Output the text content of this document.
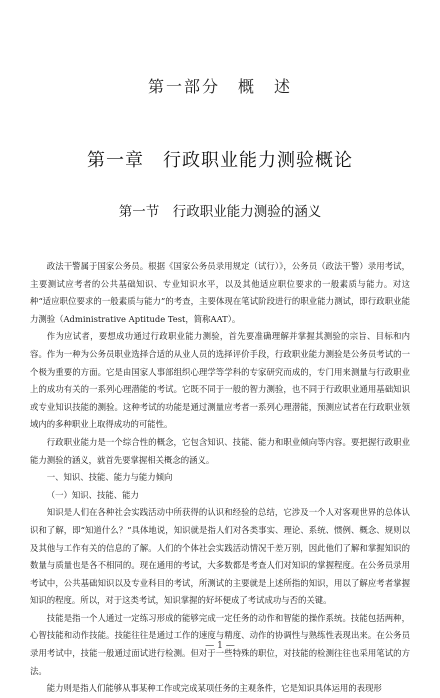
第一部分　概　述
第一章　行政职业能力测验概论
第一节　行政职业能力测验的涵义

政法干警属于国家公务员。根据《国家公务员录用规定（试行）》，公务员（政法干警）录用考试，主要测试应考者的公共基础知识、专业知识水平，以及其他适应职位要求的一般素质与能力。对这种“适应职位要求的一般素质与能力”的考查，主要体现在笔试阶段进行的职业能力测试，即行政职业能力测验（Administrative Aptitude Test，简称AAT）。

作为应试者，要想成功通过行政职业能力测验，首先要准确理解并掌握其测验的宗旨、目标和内容。作为一种为公务员职业选择合适的从业人员的选择评价手段，行政职业能力测验是公务员考试的一个极为重要的方面。它是由国家人事部组织心理学等学科的专家研究而成的，专门用来测量与行政职业上的成功有关的一系列心理潜能的考试。它既不同于一般的智力测验，也不同于行政职业通用基础知识或专业知识技能的测验。这种考试的功能是通过测量应考者一系列心理潜能，预测应试者在行政职业领域内的多种职业上取得成功的可能性。

行政职业能力是一个综合性的概念，它包含知识、技能、能力和职业倾向等内容。要把握行政职业能力测验的涵义，就首先要掌握相关概念的涵义。

一、知识、技能、能力与能力倾向

（一）知识、技能、能力

知识是人们在各种社会实践活动中所获得的认识和经验的总结，它涉及一个人对客观世界的总体认识和了解，即“知道什么？”具体地说，知识就是指人们对各类事实、理论、系统、惯例、概念、规则以及其他与工作有关的信息的了解。人们的个体社会实践活动情况千差万别，因此他们了解和掌握知识的数量与质量也是各不相同的。现在通用的考试，大多数都是考查人们对知识的掌握程度。在公务员录用考试中，公共基础知识以及专业科目的考试，所测试的主要就是上述所指的知识，用以了解应考者掌握知识的程度。所以，对于这类考试，知识掌握的好坏便成了考试成功与否的关键。

技能是指一个人通过一定练习形成的能够完成一定任务的动作和智能的操作系统。技能包括两种，心智技能和动作技能。技能往往是通过工作的速度与精度、动作的协调性与熟练性表现出来。在公务员录用考试中，技能一般通过面试进行检测。但对于一些特殊的职位，对技能的检测往往也采用笔试的方法。

能力则是指人们能够从事某种工作或完成某项任务的主观条件，它是知识具体运用的表现形

— 1 —
